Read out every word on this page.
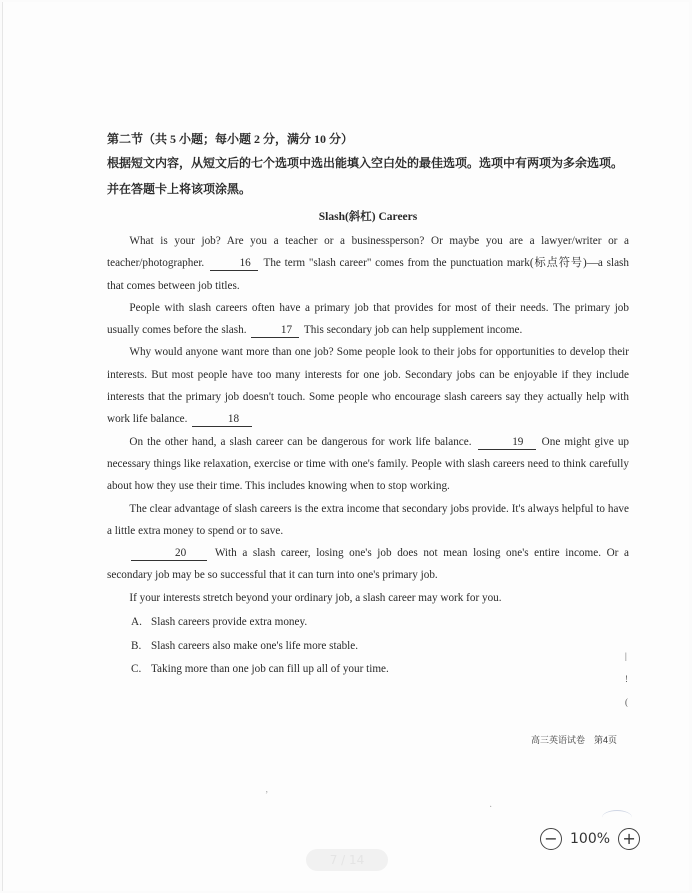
第二节（共 5 小题；每小题 2 分，满分 10 分）
根据短文内容，从短文后的七个选项中选出能填入空白处的最佳选项。选项中有两项为多余选项。并在答题卡上将该项涂黑。
Slash(斜杠) Careers

What is your job? Are you a teacher or a businessperson? Or maybe you are a lawyer/writer or a teacher/photographer.	16 The term "slash career" comes from the punctuation mark(标点符号)—a slash that comes between job titles.

People with slash careers often have a primary job that provides for most of their needs. The primary job usually comes before the slash.	17 This secondary job can help supplement income.

Why would anyone want more than one job? Some people look to their jobs for opportunities to develop their interests. But most people have too many interests for one job. Secondary jobs can be enjoyable if they include interests that the primary job doesn't touch. Some people who encourage slash careers say they actually help with work life balance.	18

On the other hand, a slash career can be dangerous for work life balance.	19 One might give up necessary things like relaxation, exercise or time with one's family. People with slash careers need to think carefully about how they use their time. This includes knowing when to stop working.

The clear advantage of slash careers is the extra income that secondary jobs provide. It's always helpful to have a little extra money to spend or to save.

20	With a slash career, losing one's job does not mean losing one's entire income. Or a secondary job may be so successful that it can turn into one's primary job.

If your interests stretch beyond your ordinary job, a slash career may work for you.

A. Slash careers provide extra money.

B. Slash careers also make one's life more stable.

C. Taking more than one job can fill up all of your time.

|
!
(
高三英语试卷　第4页
’
·
− 100% +
7 / 14
